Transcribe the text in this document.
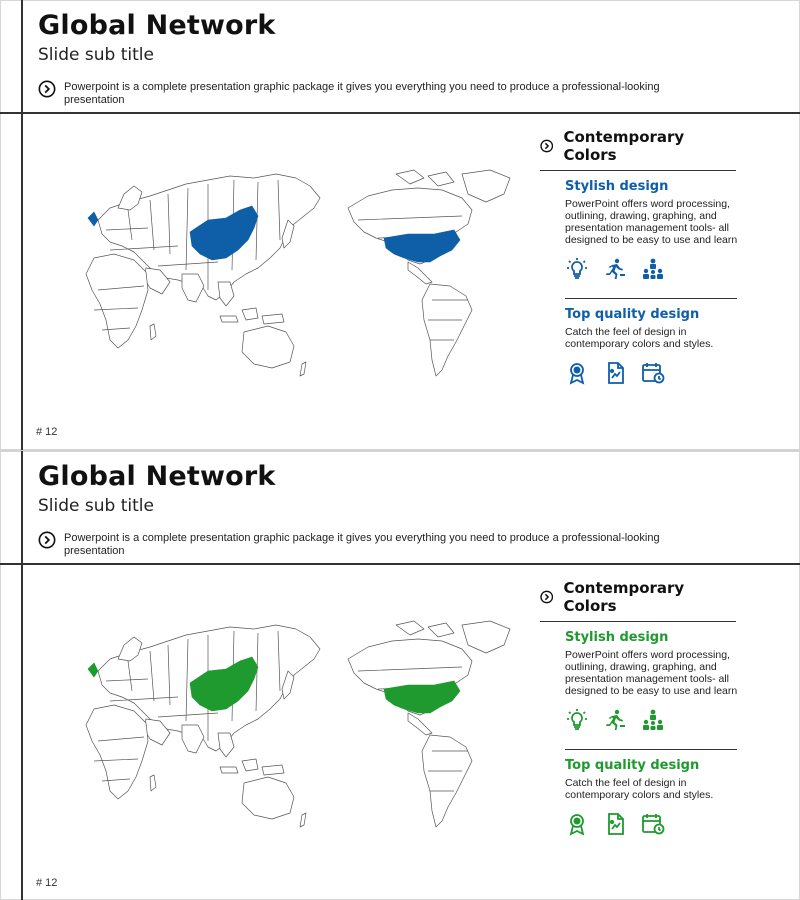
Global Network
Slide sub title
Powerpoint is a complete presentation graphic package it gives you everything you need to produce a professional-looking presentation
Contemporary Colors
Stylish design
PowerPoint offers word processing, outlining, drawing, graphing, and presentation management tools- all designed to be easy to use and learn
Top quality design
Catch the feel of design in contemporary colors and styles.
# 12
Global Network
Slide sub title
Powerpoint is a complete presentation graphic package it gives you everything you need to produce a professional-looking presentation
Contemporary Colors
Stylish design
PowerPoint offers word processing, outlining, drawing, graphing, and presentation management tools- all designed to be easy to use and learn
Top quality design
Catch the feel of design in contemporary colors and styles.
# 12
